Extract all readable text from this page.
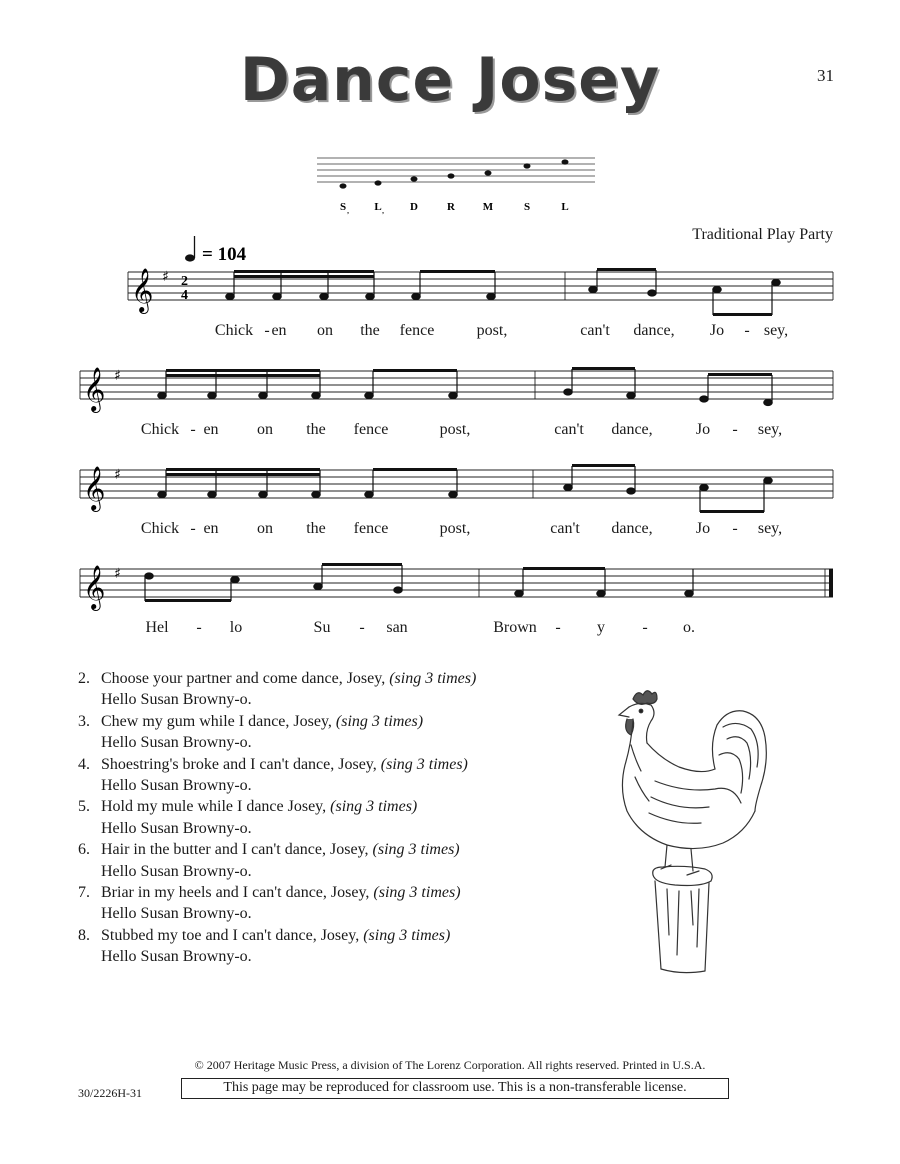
Dance Josey	31
S ‚ L ‚ D	R	M	S	L
Traditional Play Party
= 104
𝄞 ♯ 2
4
Chick - en on the fence	post,	can't dance, Jo - sey,
𝄞 ♯
Chick - en on the fence	post,	can't dance,	Jo - sey,
𝄞 ♯
Chick - en on the fence	post,	can't dance,	Jo - sey,
𝄞 ♯
Hel - lo	Su - san	Brown - y - o.
2. Choose your partner and come dance, Josey, (sing 3 times)
Hello Susan Browny-o.
3. Chew my gum while I dance, Josey, (sing 3 times)
Hello Susan Browny-o.
4. Shoestring's broke and I can't dance, Josey, (sing 3 times)
Hello Susan Browny-o.
5. Hold my mule while I dance Josey, (sing 3 times)
Hello Susan Browny-o.
6. Hair in the butter and I can't dance, Josey, (sing 3 times)
Hello Susan Browny-o.
7. Briar in my heels and I can't dance, Josey, (sing 3 times)
Hello Susan Browny-o.
8. Stubbed my toe and I can't dance, Josey, (sing 3 times)
Hello Susan Browny-o.
© 2007 Heritage Music Press, a division of The Lorenz Corporation. All rights reserved. Printed in U.S.A.
30/2226H-31	This page may be reproduced for classroom use. This is a non-transferable license.
